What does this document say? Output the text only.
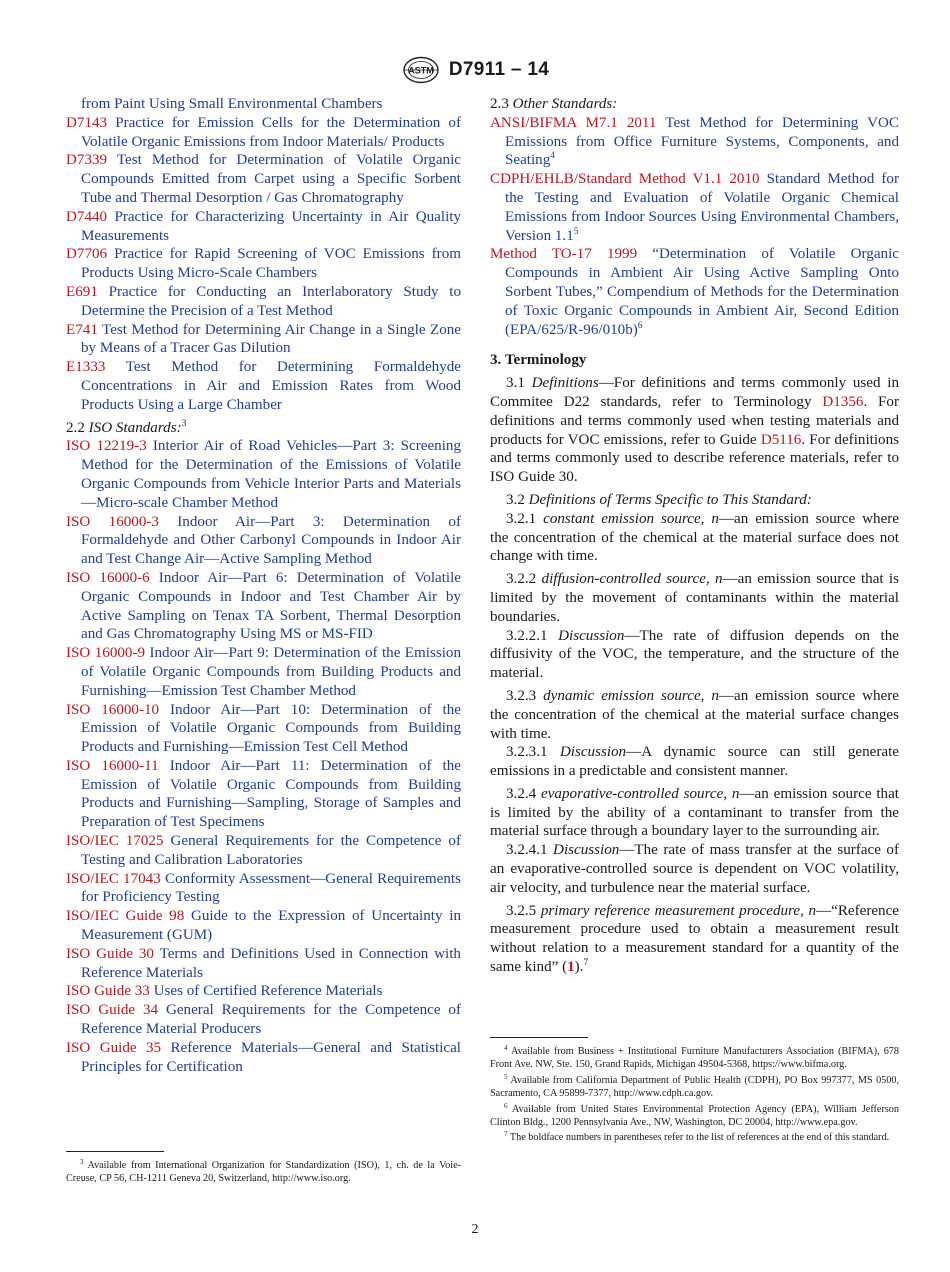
ASTM D7911 – 14
from Paint Using Small Environmental Chambers
D7143 Practice for Emission Cells for the Determination of Volatile Organic Emissions from Indoor Materials/ Products
D7339 Test Method for Determination of Volatile Organic Compounds Emitted from Carpet using a Specific Sorbent Tube and Thermal Desorption / Gas Chromatography
D7440 Practice for Characterizing Uncertainty in Air Quality Measurements
D7706 Practice for Rapid Screening of VOC Emissions from Products Using Micro-Scale Chambers
E691 Practice for Conducting an Interlaboratory Study to Determine the Precision of a Test Method
E741 Test Method for Determining Air Change in a Single Zone by Means of a Tracer Gas Dilution
E1333 Test Method for Determining Formaldehyde Concentrations in Air and Emission Rates from Wood Products Using a Large Chamber
2.2 ISO Standards:$^3$
ISO 12219-3 Interior Air of Road Vehicles—Part 3: Screening Method for the Determination of the Emissions of Volatile Organic Compounds from Vehicle Interior Parts and Materials—Micro-scale Chamber Method
ISO 16000-3 Indoor Air—Part 3: Determination of Formaldehyde and Other Carbonyl Compounds in Indoor Air and Test Change Air—Active Sampling Method
ISO 16000-6 Indoor Air—Part 6: Determination of Volatile Organic Compounds in Indoor and Test Chamber Air by Active Sampling on Tenax TA Sorbent, Thermal Desorption and Gas Chromatography Using MS or MS-FID
ISO 16000-9 Indoor Air—Part 9: Determination of the Emission of Volatile Organic Compounds from Building Products and Furnishing—Emission Test Chamber Method
ISO 16000-10 Indoor Air—Part 10: Determination of the Emission of Volatile Organic Compounds from Building Products and Furnishing—Emission Test Cell Method
ISO 16000-11 Indoor Air—Part 11: Determination of the Emission of Volatile Organic Compounds from Building Products and Furnishing—Sampling, Storage of Samples and Preparation of Test Specimens
ISO/IEC 17025 General Requirements for the Competence of Testing and Calibration Laboratories
ISO/IEC 17043 Conformity Assessment—General Requirements for Proficiency Testing
ISO/IEC Guide 98 Guide to the Expression of Uncertainty in Measurement (GUM)
ISO Guide 30 Terms and Definitions Used in Connection with Reference Materials
ISO Guide 33 Uses of Certified Reference Materials
ISO Guide 34 General Requirements for the Competence of Reference Material Producers
ISO Guide 35 Reference Materials—General and Statistical Principles for Certification
2.3 Other Standards:
ANSI/BIFMA M7.1 2011 Test Method for Determining VOC Emissions from Office Furniture Systems, Components, and Seating$^4$
CDPH/EHLB/Standard Method V1.1 2010 Standard Method for the Testing and Evaluation of Volatile Organic Chemical Emissions from Indoor Sources Using Environmental Chambers, Version $1.1^5$
Method TO-17 1999 “Determination of Volatile Organic Compounds in Ambient Air Using Active Sampling Onto Sorbent Tubes,” Compendium of Methods for the Determination of Toxic Organic Compounds in Ambient Air, Second Edition $(EPA/625/R-96/010b)^6$
3. Terminology
3.1 Definitions—For definitions and terms commonly used in Commitee D22 standards, refer to Terminology D1356. For definitions and terms commonly used when testing materials and products for VOC emissions, refer to Guide D5116. For definitions and terms commonly used to describe reference materials, refer to ISO Guide 30.
3.2 Definitions of Terms Specific to This Standard:
3.2.1 constant emission source, n—an emission source where the concentration of the chemical at the material surface does not change with time.
3.2.2 diffusion-controlled source, n—an emission source that is limited by the movement of contaminants within the material boundaries.
3.2.2.1 Discussion—The rate of diffusion depends on the diffusivity of the VOC, the temperature, and the structure of the material.
3.2.3 dynamic emission source, n—an emission source where the concentration of the chemical at the material surface changes with time.
3.2.3.1 Discussion—A dynamic source can still generate emissions in a predictable and consistent manner.
3.2.4 evaporative-controlled source, n—an emission source that is limited by the ability of a contaminant to transfer from the material surface through a boundary layer to the surrounding air.
3.2.4.1 Discussion—The rate of mass transfer at the surface of an evaporative-controlled source is dependent on VOC volatility, air velocity, and turbulence near the material surface.
3.2.5 primary reference measurement procedure, n—“Reference measurement procedure used to obtain a measurement result without relation to a measurement standard for a quantity of the same kind” (1).$^7$

$^3$ Available from International Organization for Standardization (ISO), 1, ch. de la Voie-Creuse, CP 56, CH-1211 Geneva 20, Switzerland, http://www.iso.org.

$^4$ Available from Business + Institutional Furniture Manufacturers Association (BIFMA), 678 Front Ave. NW, Ste. 150, Grand Rapids, Michigan 49504-5368, https://www.bifma.org.

$^5$ Available from California Department of Public Health (CDPH), PO Box 997377, MS 0500, Sacramento, CA 95899-7377, http://www.cdph.ca.gov.

$^6$ Available from United States Environmental Protection Agency (EPA), William Jefferson Clinton Bldg., 1200 Pennsylvania Ave., NW, Washington, DC 20004, http://www.epa.gov.

$^7$ The boldface numbers in parentheses refer to the list of references at the end of this standard.

2
